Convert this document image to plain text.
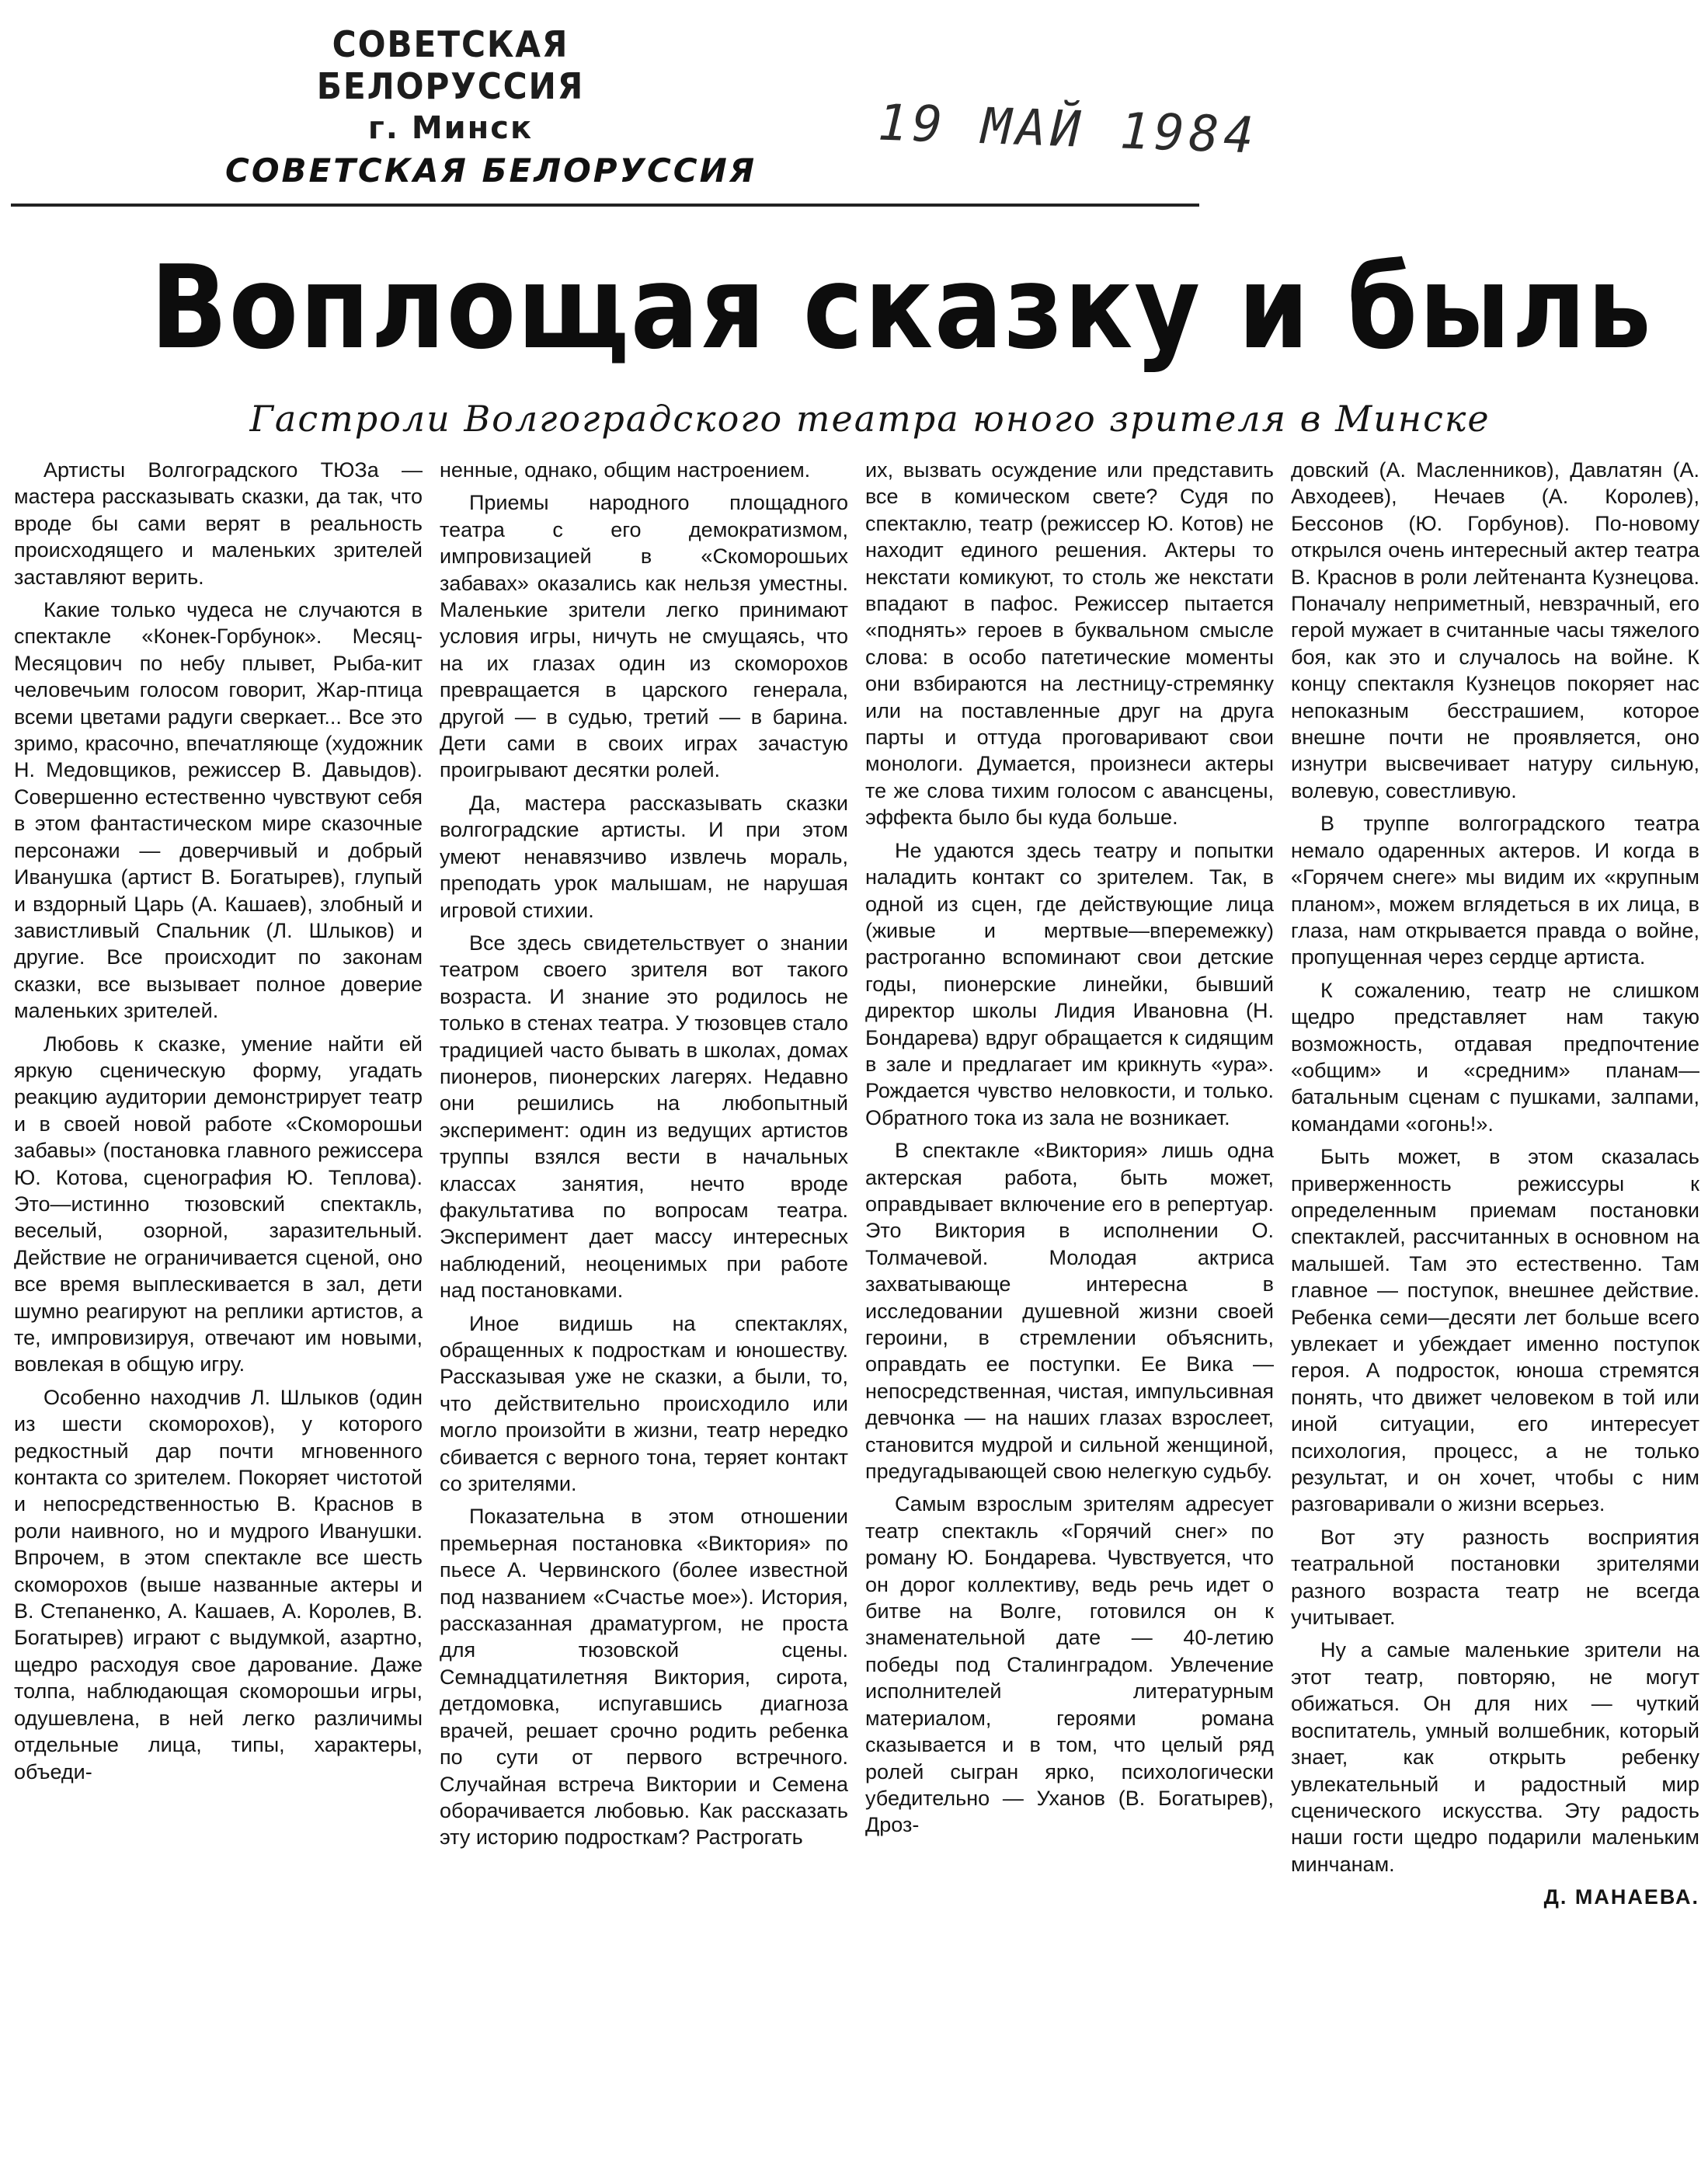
СОВЕТСКАЯ БЕЛОРУССИЯ
г. Минск	19 МАЙ 1984
СОВЕТСКАЯ БЕЛОРУССИЯ
Воплощая сказку и быль
Гастроли Волгоградского театра юного зрителя в Минске

Артисты Волгоградского ТЮЗа — мастера рассказывать сказки, да так, что вроде бы сами верят в реальность происходящего и маленьких зрителей заставляют верить.

Какие только чудеса не случаются в спектакле «Конек-Горбунок». Месяц-Месяцович по небу плывет, Рыба-кит человечьим голосом говорит, Жар-птица всеми цветами радуги сверкает... Все это зримо, красочно, впечатляюще (художник Н. Медовщиков, режиссер В. Давыдов). Совершенно естественно чувствуют себя в этом фантастическом мире сказочные персонажи — доверчивый и добрый Иванушка (артист В. Богатырев), глупый и вздорный Царь (А. Кашаев), злобный и завистливый Спальник (Л. Шлыков) и другие. Все происходит по законам сказки, все вызывает полное доверие маленьких зрителей.

Любовь к сказке, умение найти ей яркую сценическую форму, угадать реакцию аудитории демонстрирует театр и в своей новой работе «Скоморошьи забавы» (постановка главного режиссера Ю. Котова, сценография Ю. Теплова). Это—истинно тюзовский спектакль, веселый, озорной, заразительный. Действие не ограничивается сценой, оно все время выплескивается в зал, дети шумно реагируют на реплики артистов, а те, импровизируя, отвечают им новыми, вовлекая в общую игру.

Особенно находчив Л. Шлыков (один из шести скоморохов), у которого редкостный дар почти мгновенного контакта со зрителем. Покоряет чистотой и непосредственностью В. Краснов в роли наивного, но и мудрого Иванушки. Впрочем, в этом спектакле все шесть скоморохов (выше названные актеры и В. Степаненко, А. Кашаев, А. Королев, В. Богатырев) играют с выдумкой, азартно, щедро расходуя свое дарование. Даже толпа, наблюдающая скоморошьи игры, одушевлена, в ней легко различимы отдельные лица, типы, характеры, объеди-

ненные, однако, общим настроением.

Приемы народного площадного театра с его демократизмом, импровизацией в «Скоморошьих забавах» оказались как нельзя уместны. Маленькие зрители легко принимают условия игры, ничуть не смущаясь, что на их глазах один из скоморохов превращается в царского генерала, другой — в судью, третий — в барина. Дети сами в своих играх зачастую проигрывают десятки ролей.

Да, мастера рассказывать сказки волгоградские артисты. И при этом умеют ненавязчиво извлечь мораль, преподать урок малышам, не нарушая игровой стихии.

Все здесь свидетельствует о знании театром своего зрителя вот такого возраста. И знание это родилось не только в стенах театра. У тюзовцев стало традицией часто бывать в школах, домах пионеров, пионерских лагерях. Недавно они решились на любопытный эксперимент: один из ведущих артистов труппы взялся вести в начальных классах занятия, нечто вроде факультатива по вопросам театра. Эксперимент дает массу интересных наблюдений, неоценимых при работе над постановками.

Иное видишь на спектаклях, обращенных к подросткам и юношеству. Рассказывая уже не сказки, а были, то, что действительно происходило или могло произойти в жизни, театр нередко сбивается с верного тона, теряет контакт со зрителями.

Показательна в этом отношении премьерная постановка «Виктория» по пьесе А. Червинского (более известной под названием «Счастье мое»). История, рассказанная драматургом, не проста для тюзовской сцены. Семнадцатилетняя Виктория, сирота, детдомовка, испугавшись диагноза врачей, решает срочно родить ребенка по сути от первого встречного. Случайная встреча Виктории и Семена оборачивается любовью. Как рассказать эту историю подросткам? Растрогать

их, вызвать осуждение или представить все в комическом свете? Судя по спектаклю, театр (режиссер Ю. Котов) не находит единого решения. Актеры то некстати комикуют, то столь же некстати впадают в пафос. Режиссер пытается «поднять» героев в буквальном смысле слова: в особо патетические моменты они взбираются на лестницу-стремянку или на поставленные друг на друга парты и оттуда проговаривают свои монологи. Думается, произнеси актеры те же слова тихим голосом с авансцены, эффекта было бы куда больше.

Не удаются здесь театру и попытки наладить контакт со зрителем. Так, в одной из сцен, где действующие лица (живые и мертвые—вперемежку) растроганно вспоминают свои детские годы, пионерские линейки, бывший директор школы Лидия Ивановна (Н. Бондарева) вдруг обращается к сидящим в зале и предлагает им крикнуть «ура». Рождается чувство неловкости, и только. Обратного тока из зала не возникает.

В спектакле «Виктория» лишь одна актерская работа, быть может, оправдывает включение его в репертуар. Это Виктория в исполнении О. Толмачевой. Молодая актриса захватывающе интересна в исследовании душевной жизни своей героини, в стремлении объяснить, оправдать ее поступки. Ее Вика — непосредственная, чистая, импульсивная девчонка — на наших глазах взрослеет, становится мудрой и сильной женщиной, предугадывающей свою нелегкую судьбу.

Самым взрослым зрителям адресует театр спектакль «Горячий снег» по роману Ю. Бондарева. Чувствуется, что он дорог коллективу, ведь речь идет о битве на Волге, готовился он к знаменательной дате — 40-летию победы под Сталинградом. Увлечение исполнителей литературным материалом, героями романа сказывается и в том, что целый ряд ролей сыгран ярко, психологически убедительно — Уханов (В. Богатырев), Дроз-

довский (А. Масленников), Давлатян (А. Авходеев), Нечаев (А. Королев), Бессонов (Ю. Горбунов). По-новому открылся очень интересный актер театра В. Краснов в роли лейтенанта Кузнецова. Поначалу неприметный, невзрачный, его герой мужает в считанные часы тяжелого боя, как это и случалось на войне. К концу спектакля Кузнецов покоряет нас непоказным бесстрашием, которое внешне почти не проявляется, оно изнутри высвечивает натуру сильную, волевую, совестливую.

В труппе волгоградского театра немало одаренных актеров. И когда в «Горячем снеге» мы видим их «крупным планом», можем вглядеться в их лица, в глаза, нам открывается правда о войне, пропущенная через сердце артиста.

К сожалению, театр не слишком щедро представляет нам такую возможность, отдавая предпочтение «общим» и «средним» планам—батальным сценам с пушками, залпами, командами «огонь!».

Быть может, в этом сказалась приверженность режиссуры к определенным приемам постановки спектаклей, рассчитанных в основном на малышей. Там это естественно. Там главное — поступок, внешнее действие. Ребенка семи—десяти лет больше всего увлекает и убеждает именно поступок героя. А подросток, юноша стремятся понять, что движет человеком в той или иной ситуации, его интересует психология, процесс, а не только результат, и он хочет, чтобы с ним разговаривали о жизни всерьез.

Вот эту разность восприятия театральной постановки зрителями разного возраста театр не всегда учитывает.

Ну а самые маленькие зрители на этот театр, повторяю, не могут обижаться. Он для них — чуткий воспитатель, умный волшебник, который знает, как открыть ребенку увлекательный и радостный мир сценического искусства. Эту радость наши гости щедро подарили маленьким минчанам.

Д. МАНАЕВА.
